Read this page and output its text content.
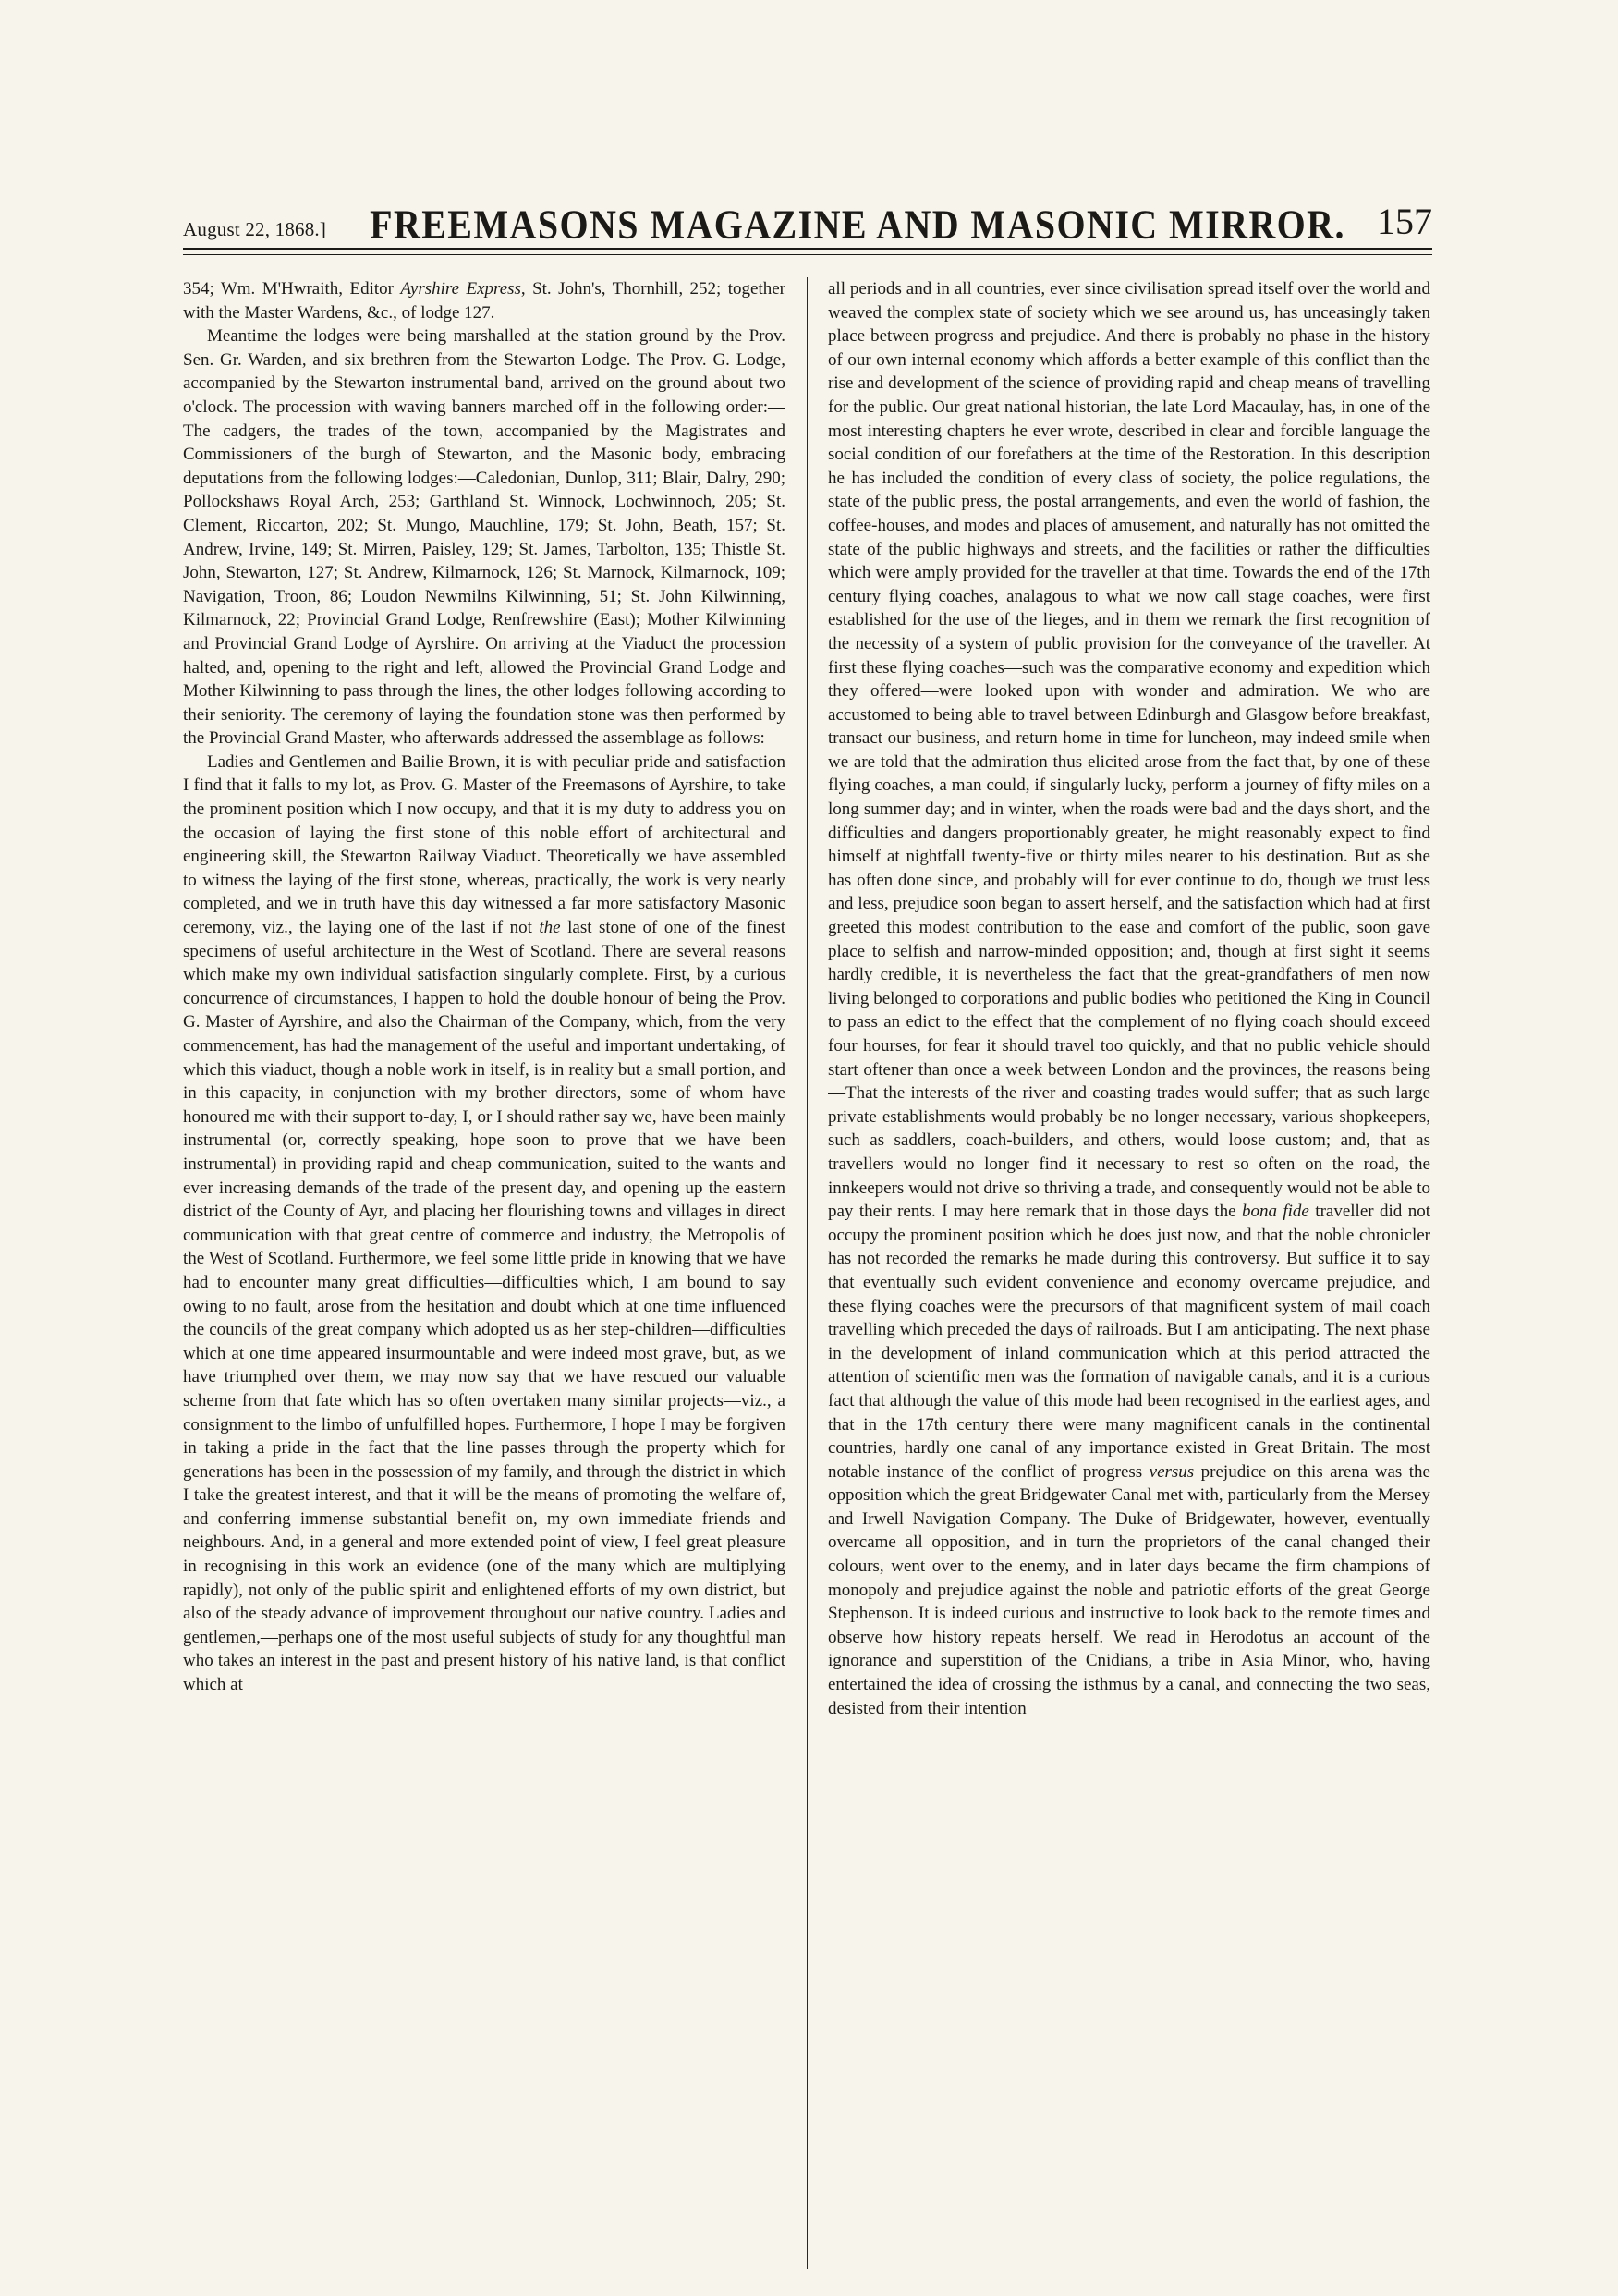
August 22, 1868.] FREEMASONS MAGAZINE AND MASONIC MIRROR. 157

354; Wm. M'Hwraith, Editor Ayrshire Express, St. John's, Thornhill, 252; together with the Master Wardens, &c., of lodge 127.

Meantime the lodges were being marshalled at the station ground by the Prov. Sen. Gr. Warden, and six brethren from the Stewarton Lodge. The Prov. G. Lodge, accompanied by the Stewarton instrumental band, arrived on the ground about two o'clock. The procession with waving banners marched off in the following order:—The cadgers, the trades of the town, accompanied by the Magistrates and Commissioners of the burgh of Stewarton, and the Masonic body, embracing deputations from the following lodges:—Caledonian, Dunlop, 311; Blair, Dalry, 290; Pollockshaws Royal Arch, 253; Garthland St. Winnock, Lochwinnoch, 205; St. Clement, Riccarton, 202; St. Mungo, Mauchline, 179; St. John, Beath, 157; St. Andrew, Irvine, 149; St. Mirren, Paisley, 129; St. James, Tarbolton, 135; Thistle St. John, Stewarton, 127; St. Andrew, Kilmarnock, 126; St. Marnock, Kilmarnock, 109; Navigation, Troon, 86; Loudon Newmilns Kilwinning, 51; St. John Kilwinning, Kilmarnock, 22; Provincial Grand Lodge, Renfrewshire (East); Mother Kilwinning and Provincial Grand Lodge of Ayrshire. On arriving at the Viaduct the procession halted, and, opening to the right and left, allowed the Provincial Grand Lodge and Mother Kilwinning to pass through the lines, the other lodges following according to their seniority. The ceremony of laying the foundation stone was then performed by the Provincial Grand Master, who afterwards addressed the assemblage as follows:—

Ladies and Gentlemen and Bailie Brown, it is with peculiar pride and satisfaction I find that it falls to my lot, as Prov. G. Master of the Freemasons of Ayrshire, to take the prominent position which I now occupy, and that it is my duty to address you on the occasion of laying the first stone of this noble effort of architectural and engineering skill, the Stewarton Railway Viaduct. Theoretically we have assembled to witness the laying of the first stone, whereas, practically, the work is very nearly completed, and we in truth have this day witnessed a far more satisfactory Masonic ceremony, viz., the laying one of the last if not the last stone of one of the finest specimens of useful architecture in the West of Scotland. There are several reasons which make my own individual satisfaction singularly complete. First, by a curious concurrence of circumstances, I happen to hold the double honour of being the Prov. G. Master of Ayrshire, and also the Chairman of the Company, which, from the very commencement, has had the management of the useful and important undertaking, of which this viaduct, though a noble work in itself, is in reality but a small portion, and in this capacity, in conjunction with my brother directors, some of whom have honoured me with their support to-day, I, or I should rather say we, have been mainly instrumental (or, correctly speaking, hope soon to prove that we have been instrumental) in providing rapid and cheap communication, suited to the wants and ever increasing demands of the trade of the present day, and opening up the eastern district of the County of Ayr, and placing her flourishing towns and villages in direct communication with that great centre of commerce and industry, the Metropolis of the West of Scotland. Furthermore, we feel some little pride in knowing that we have had to encounter many great difficulties—difficulties which, I am bound to say owing to no fault, arose from the hesitation and doubt which at one time influenced the councils of the great company which adopted us as her step-children—difficulties which at one time appeared insurmountable and were indeed most grave, but, as we have triumphed over them, we may now say that we have rescued our valuable scheme from that fate which has so often overtaken many similar projects—viz., a consignment to the limbo of unfulfilled hopes. Furthermore, I hope I may be forgiven in taking a pride in the fact that the line passes through the property which for generations has been in the possession of my family, and through the district in which I take the greatest interest, and that it will be the means of promoting the welfare of, and conferring immense substantial benefit on, my own immediate friends and neighbours. And, in a general and more extended point of view, I feel great pleasure in recognising in this work an evidence (one of the many which are multiplying rapidly), not only of the public spirit and enlightened efforts of my own district, but also of the steady advance of improvement throughout our native country. Ladies and gentlemen,—perhaps one of the most useful subjects of study for any thoughtful man who takes an interest in the past and present history of his native land, is that conflict which at

all periods and in all countries, ever since civilisation spread itself over the world and weaved the complex state of society which we see around us, has unceasingly taken place between progress and prejudice. And there is probably no phase in the history of our own internal economy which affords a better example of this conflict than the rise and development of the science of providing rapid and cheap means of travelling for the public. Our great national historian, the late Lord Macaulay, has, in one of the most interesting chapters he ever wrote, described in clear and forcible language the social condition of our forefathers at the time of the Restoration. In this description he has included the condition of every class of society, the police regulations, the state of the public press, the postal arrangements, and even the world of fashion, the coffee-houses, and modes and places of amusement, and naturally has not omitted the state of the public highways and streets, and the facilities or rather the difficulties which were amply provided for the traveller at that time. Towards the end of the 17th century flying coaches, analagous to what we now call stage coaches, were first established for the use of the lieges, and in them we remark the first recognition of the necessity of a system of public provision for the conveyance of the traveller. At first these flying coaches—such was the comparative economy and expedition which they offered—were looked upon with wonder and admiration. We who are accustomed to being able to travel between Edinburgh and Glasgow before breakfast, transact our business, and return home in time for luncheon, may indeed smile when we are told that the admiration thus elicited arose from the fact that, by one of these flying coaches, a man could, if singularly lucky, perform a journey of fifty miles on a long summer day; and in winter, when the roads were bad and the days short, and the difficulties and dangers proportionably greater, he might reasonably expect to find himself at nightfall twenty-five or thirty miles nearer to his destination. But as she has often done since, and probably will for ever continue to do, though we trust less and less, prejudice soon began to assert herself, and the satisfaction which had at first greeted this modest contribution to the ease and comfort of the public, soon gave place to selfish and narrow-minded opposition; and, though at first sight it seems hardly credible, it is nevertheless the fact that the great-grandfathers of men now living belonged to corporations and public bodies who petitioned the King in Council to pass an edict to the effect that the complement of no flying coach should exceed four hourses, for fear it should travel too quickly, and that no public vehicle should start oftener than once a week between London and the provinces, the reasons being—That the interests of the river and coasting trades would suffer; that as such large private establishments would probably be no longer necessary, various shopkeepers, such as saddlers, coach-builders, and others, would loose custom; and, that as travellers would no longer find it necessary to rest so often on the road, the innkeepers would not drive so thriving a trade, and consequently would not be able to pay their rents. I may here remark that in those days the bona fide traveller did not occupy the prominent position which he does just now, and that the noble chronicler has not recorded the remarks he made during this controversy. But suffice it to say that eventually such evident convenience and economy overcame prejudice, and these flying coaches were the precursors of that magnificent system of mail coach travelling which preceded the days of railroads. But I am anticipating. The next phase in the development of inland communication which at this period attracted the attention of scientific men was the formation of navigable canals, and it is a curious fact that although the value of this mode had been recognised in the earliest ages, and that in the 17th century there were many magnificent canals in the continental countries, hardly one canal of any importance existed in Great Britain. The most notable instance of the conflict of progress versus prejudice on this arena was the opposition which the great Bridgewater Canal met with, particularly from the Mersey and Irwell Navigation Company. The Duke of Bridgewater, however, eventually overcame all opposition, and in turn the proprietors of the canal changed their colours, went over to the enemy, and in later days became the firm champions of monopoly and prejudice against the noble and patriotic efforts of the great George Stephenson. It is indeed curious and instructive to look back to the remote times and observe how history repeats herself. We read in Herodotus an account of the ignorance and superstition of the Cnidians, a tribe in Asia Minor, who, having entertained the idea of crossing the isthmus by a canal, and connecting the two seas, desisted from their intention
